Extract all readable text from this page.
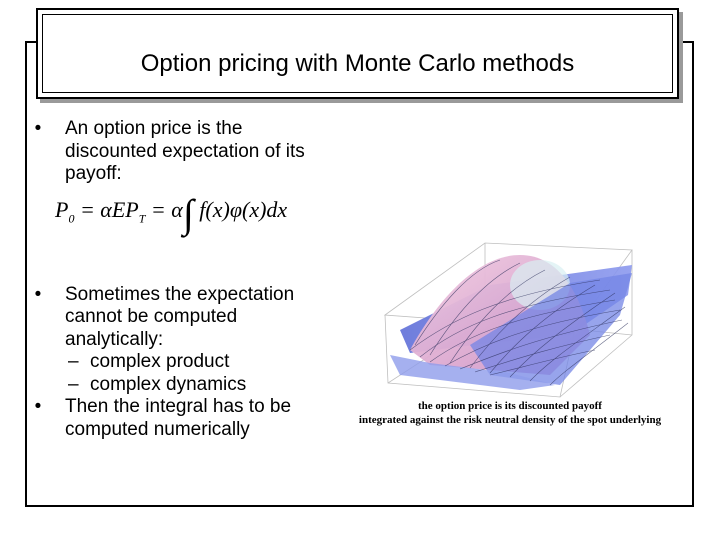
Option pricing with Monte Carlo methods
• An option price is the discounted expectation of its payoff:
• Sometimes the expectation cannot be computed analytically:
– complex product
– complex dynamics
• Then the integral has to be computed numerically
$P_0 = \alpha EP_T = \alpha\int$ f(x)φ(x)dx
the option price is its discounted payoff
integrated against the risk neutral density of the spot underlying
